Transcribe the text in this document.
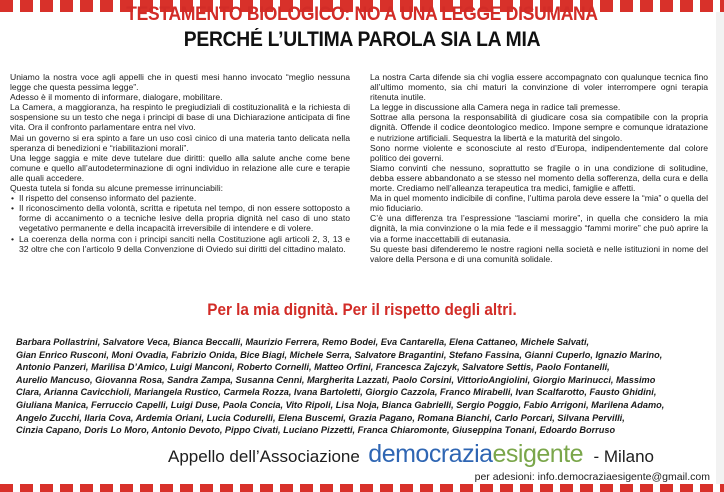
TESTAMENTO BIOLOGICO: NO A UNA LEGGE DISUMANA
PERCHÉ L’ULTIMA PAROLA SIA LA MIA

Uniamo la nostra voce agli appelli che in questi mesi hanno invocato “meglio nessuna legge che questa pessima legge”.

Adesso è il momento di informare, dialogare, mobilitare.

La Camera, a maggioranza, ha respinto le pregiudiziali di costituzionalità e la richiesta di sospensione su un testo che nega i principi di base di una Dichiarazione anticipata di fine vita. Ora il confronto parlamentare entra nel vivo.

Mai un governo si era spinto a fare un uso così cinico di una materia tanto delicata nella speranza di benedizioni e “riabilitazioni morali”.

Una legge saggia e mite deve tutelare due diritti: quello alla salute anche come bene comune e quello all’autodeterminazione di ogni individuo in relazione alle cure e terapie alle quali accedere.

Questa tutela si fonda su alcune premesse irrinunciabili:

• Il rispetto del consenso informato del paziente.
• Il riconoscimento della volontà, scritta e ripetuta nel tempo, di non essere sottoposto a forme di accanimento o a tecniche lesive della propria dignità nel caso di uno stato vegetativo permanente e della incapacità irreversibile di intendere e di volere.
• La coerenza della norma con i principi sanciti nella Costituzione agli articoli 2, 3, 13 e 32 oltre che con l’articolo 9 della Convenzione di Oviedo sui diritti del cittadino malato.

La nostra Carta difende sia chi voglia essere accompagnato con qualunque tecnica fino all’ultimo momento, sia chi maturi la convinzione di voler interrompere ogni terapia ritenuta inutile.

La legge in discussione alla Camera nega in radice tali premesse.

Sottrae alla persona la responsabilità di giudicare cosa sia compatibile con la propria dignità. Offende il codice deontologico medico. Impone sempre e comunque idratazione e nutrizione artificiali. Sequestra la libertà e la maturità del singolo.

Sono norme violente e sconosciute al resto d’Europa, indipendentemente dal colore politico dei governi.

Siamo convinti che nessuno, soprattutto se fragile o in una condizione di solitudine, debba essere abbandonato a se stesso nel momento della sofferenza, della cura e della morte. Crediamo nell’alleanza terapeutica tra medici, famiglie e affetti.

Ma in quel momento indicibile di confine, l’ultima parola deve essere la “mia” o quella del mio fiduciario.

C’è una differenza tra l’espressione “lasciami morire”, in quella che considero la mia dignità, la mia convinzione o la mia fede e il messaggio “fammi morire” che può aprire la via a forme inaccettabili di eutanasia.

Su queste basi difenderemo le nostre ragioni nella società e nelle istituzioni in nome del valore della Persona e di una comunità solidale.

Per la mia dignità. Per il rispetto degli altri.
Barbara Pollastrini, Salvatore Veca, Bianca Beccalli, Maurizio Ferrera, Remo Bodei, Eva Cantarella, Elena Cattaneo, Michele Salvati,
Gian Enrico Rusconi, Moni Ovadia, Fabrizio Onida, Bice Biagi, Michele Serra, Salvatore Bragantini, Stefano Fassina, Gianni Cuperlo, Ignazio Marino,
Antonio Panzeri, Marilisa D’Amico, Luigi Manconi, Roberto Cornelli, Matteo Orfini, Francesca Zajczyk, Salvatore Settis, Paolo Fontanelli,
Aurelio Mancuso, Giovanna Rosa, Sandra Zampa, Susanna Cenni, Margherita Lazzati, Paolo Corsini, VittorioAngiolini, Giorgio Marinucci, Massimo
Clara, Arianna Cavicchioli, Mariangela Rustico, Carmela Rozza, Ivana Bartoletti, Giorgio Cazzola, Franco Mirabelli, Ivan Scalfarotto, Fausto Ghidini,
Giuliana Manica, Ferruccio Capelli, Luigi Duse, Paola Concia, Vito Ripoli, Lisa Noja, Bianca Gabrielli, Sergio Poggio, Fabio Arrigoni, Marilena Adamo,
Angelo Zucchi, Ilaria Cova, Ardemia Oriani, Lucia Codurelli, Elena Buscemi, Grazia Pagano, Romana Bianchi, Carlo Porcari, Silvana Pervilli,
Cinzia Capano, Doris Lo Moro, Antonio Devoto, Pippo Civati, Luciano Pizzetti, Franca Chiaromonte, Giuseppina Tonani, Edoardo Borruso
Appello dell’Associazione democraziaesigente - Milano
per adesioni: info.democraziaesigente@gmail.com
